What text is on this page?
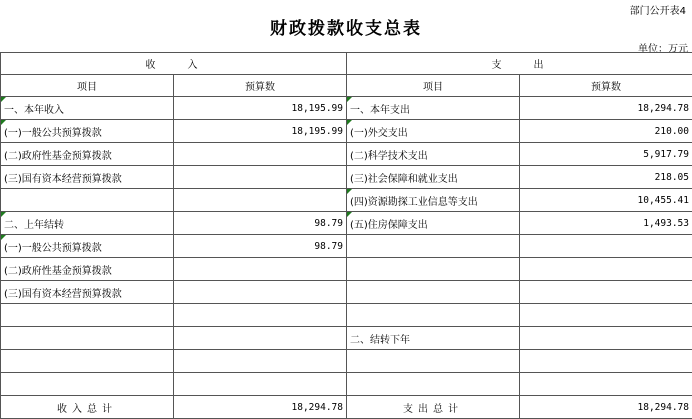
部门公开表4
财政拨款收支总表
单位：万元
收　　入		支　　出	
项目	预算数	项目	预算数
一、本年收入	18,195.99	一、本年支出	18,294.78
(一)一般公共预算拨款	18,195.99	(一)外交支出	210.00
(二)政府性基金预算拨款		(二)科学技术支出	5,917.79
(三)国有资本经营预算拨款		(三)社会保障和就业支出	218.05
		(四)资源勘探工业信息等支出	10,455.41
二、上年结转	98.79	(五)住房保障支出	1,493.53
(一)一般公共预算拨款	98.79		
(二)政府性基金预算拨款			
(三)国有资本经营预算拨款			

		二、结转下年	

收入总计	18,294.78	支出总计	18,294.78
